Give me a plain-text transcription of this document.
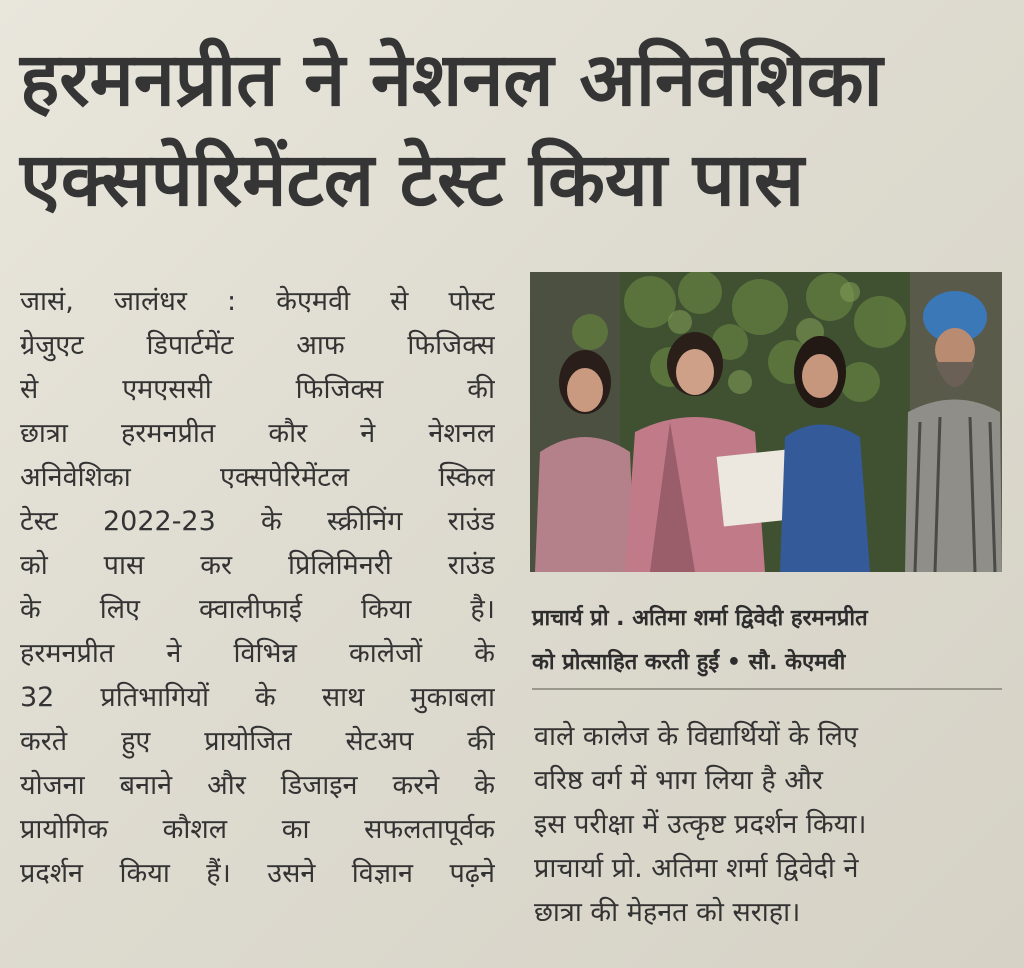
हरमनप्रीत ने नेशनल अनिवेशिका
एक्सपेरिमेंटल टेस्ट किया पास
जासं, जालंधर : केएमवी से पोस्ट
ग्रेजुएट डिपार्टमेंट आफ फिजिक्स
से एमएससी फिजिक्स की
छात्रा हरमनप्रीत कौर ने नेशनल
अनिवेशिका एक्सपेरिमेंटल स्किल
टेस्ट 2022-23 के स्क्रीनिंग राउंड
को पास कर प्रिलिमिनरी राउंड
के लिए क्वालीफाई किया है।
हरमनप्रीत ने विभिन्न कालेजों के
32 प्रतिभागियों के साथ मुकाबला
करते हुए प्रायोजित सेटअप की
योजना बनाने और डिजाइन करने के
प्रायोगिक कौशल का सफलतापूर्वक
प्रदर्शन किया हैं। उसने विज्ञान पढ़ने
प्राचार्य प्रो . अतिमा शर्मा द्विवेदी हरमनप्रीत
को प्रोत्साहित करती हुईं • सौ. केएमवी
वाले कालेज के विद्यार्थियों के लिए
वरिष्ठ वर्ग में भाग लिया है और
इस परीक्षा में उत्कृष्ट प्रदर्शन किया।
प्राचार्या प्रो. अतिमा शर्मा द्विवेदी ने
छात्रा की मेहनत को सराहा।
